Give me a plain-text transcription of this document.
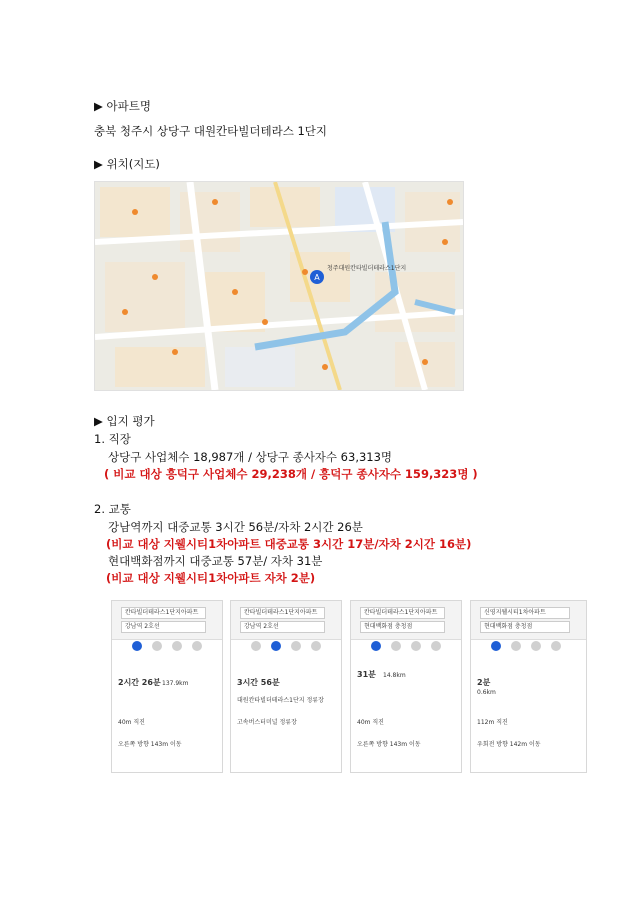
▶ 아파트명
충북 청주시 상당구 대원칸타빌더테라스 1단지
▶ 위치(지도)
A
청주대원칸타빌더테라스1단지
▶ 입지 평가
1. 직장
상당구 사업체수 18,987개 / 상당구 종사자수 63,313명
( 비교 대상 흥덕구 사업체수 29,238개 / 흥덕구 종사자수 159,323명 )
2. 교통
강남역까지 대중교통 3시간 56분/자차 2시간 26분
(비교 대상 지웰시티1차아파트 대중교통 3시간 17분/자차 2시간 16분)
현대백화점까지 대중교통 57분/ 자차 31분
(비교 대상 지웰시티1차아파트 자차 2분)
칸타빌더테라스1단지아파트
강남역 2호선
2시간 26분 137.9km
40m 직진
오른쪽 방향 143m 이동
칸타빌더테라스1단지아파트
강남역 2호선
3시간 56분
대원칸타빌더테라스1단지 정류장
고속버스터미널 정류장
칸타빌더테라스1단지아파트
현대백화점 충청점
31분 14.8km
40m 직진
오른쪽 방향 143m 이동
신영지웰시티1차아파트
현대백화점 충청점
2분
0.6km
112m 직진
우회전 방향 142m 이동
